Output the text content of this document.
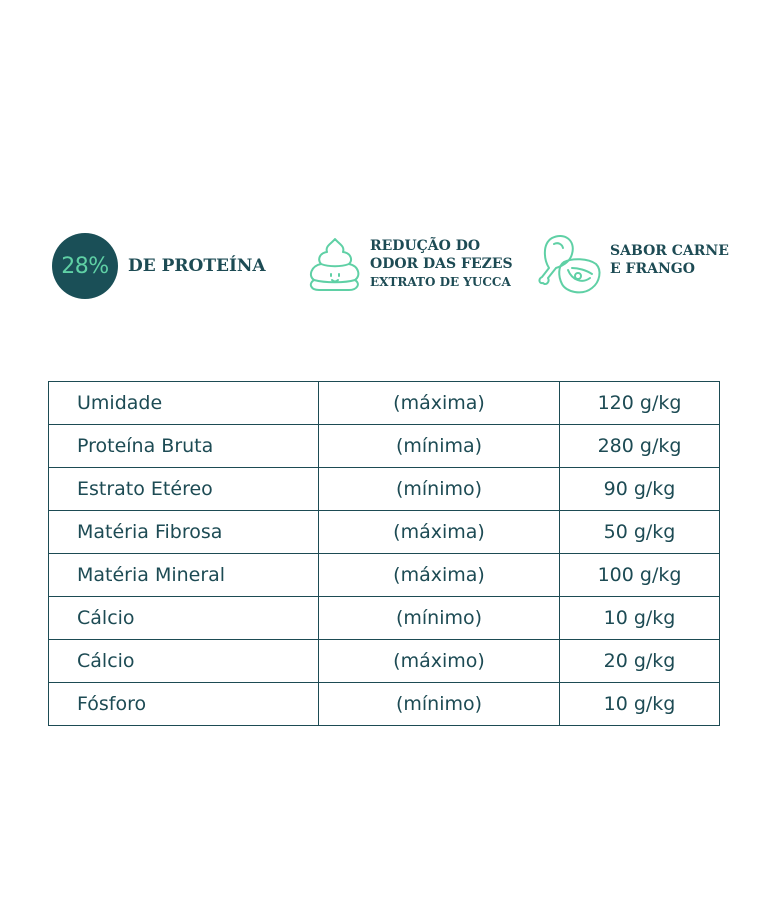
28%	DE PROTEÍNA
REDUÇÃO DO
ODOR DAS FEZES
EXTRATO DE YUCCA
SABOR CARNE
E FRANGO
Umidade	(máxima)	120 g/kg
Proteína Bruta	(mínima)	280 g/kg
Estrato Etéreo	(mínimo)	90 g/kg
Matéria Fibrosa	(máxima)	50 g/kg
Matéria Mineral	(máxima)	100 g/kg
Cálcio	(mínimo)	10 g/kg
Cálcio	(máximo)	20 g/kg
Fósforo	(mínimo)	10 g/kg
